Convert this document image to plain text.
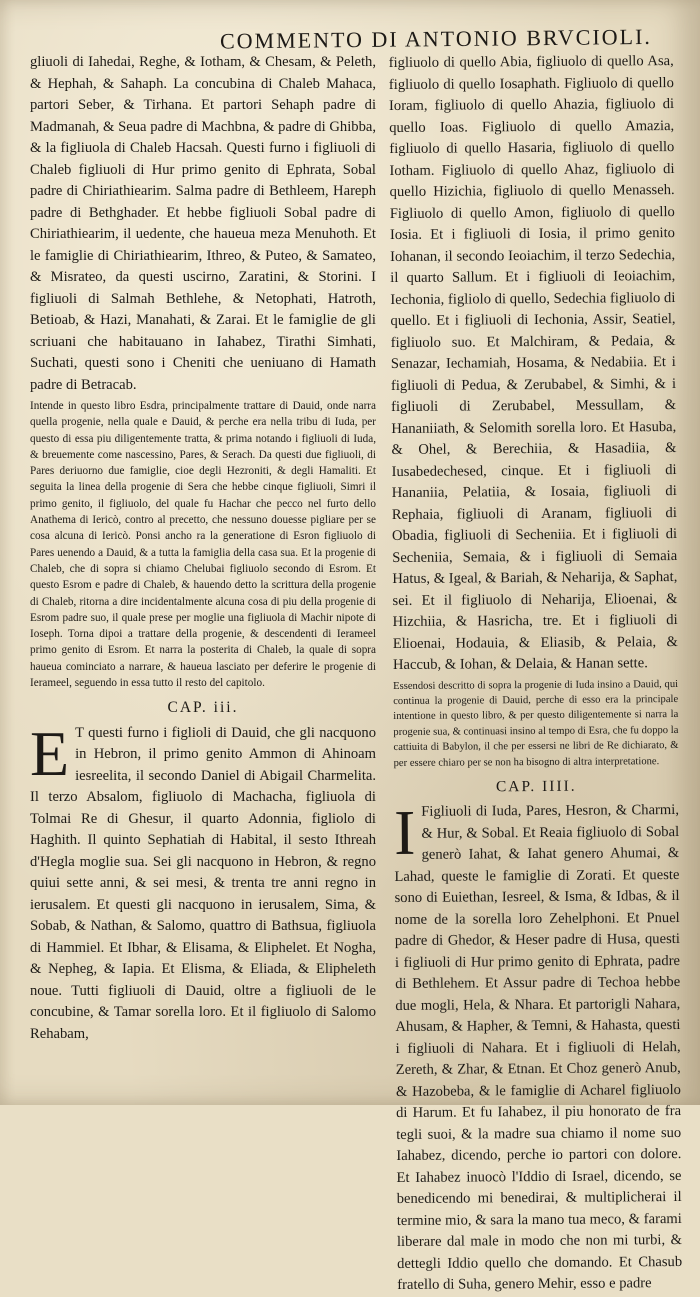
COMMENTO DI ANTONIO BRVCIOLI.

gliuoli di Iahedai, Reghe, & Iotham, & Chesam, & Peleth, & Hephah, & Sahaph. La concubina di Chaleb Mahaca, partori Seber, & Tirhana. Et partori Sehaph padre di Madmanah, & Seua padre di Machbna, & padre di Ghibba, & la figliuola di Chaleb Hacsah. Questi furno i figliuoli di Chaleb figliuoli di Hur primo genito di Ephrata, Sobal padre di Chiriathiearim. Salma padre di Bethleem, Hareph padre di Bethghader. Et hebbe figliuoli Sobal padre di Chiriathiearim, il uedente, che haueua meza Menuhoth. Et le famiglie di Chiriathiearim, Ithreo, & Puteo, & Samateo, & Misrateo, da questi uscirno, Zaratini, & Storini. I figliuoli di Salmah Bethlehe, & Netophati, Hatroth, Betioab, & Hazi, Manahati, & Zarai. Et le famiglie de gli scriuani che habitauano in Iahabez, Tirathi Simhati, Suchati, questi sono i Cheniti che ueniuano di Hamath padre di Betracab.

Intende in questo libro Esdra, principalmente trattare di Dauid, onde narra quella progenie, nella quale e Dauid, & perche era nella tribu di Iuda, per questo di essa piu diligentemente tratta, & prima notando i figliuoli di Iuda, & breuemente come nascessino, Pares, & Serach. Da questi due figliuoli, di Pares deriuorno due famiglie, cioe degli Hezroniti, & degli Hamaliti. Et seguita la linea della progenie di Sera che hebbe cinque figliuoli, Simri il primo genito, il figliuolo, del quale fu Hachar che pecco nel furto dello Anathema di Iericò, contro al precetto, che nessuno douesse pigliare per se cosa alcuna di Iericò. Ponsi ancho ra la generatione di Esron figliuolo di Pares uenendo a Dauid, & a tutta la famiglia della casa sua. Et la progenie di Chaleb, che di sopra si chiamo Chelubai figliuolo secondo di Esrom. Et questo Esrom e padre di Chaleb, & hauendo detto la scrittura della progenie di Chaleb, ritorna a dire incidentalmente alcuna cosa di piu della progenie di Esrom padre suo, il quale prese per moglie una figliuola di Machir nipote di Ioseph. Torna dipoi a trattare della progenie, & descendenti di Ierameel primo genito di Esrom. Et narra la posterita di Chaleb, la quale di sopra haueua cominciato a narrare, & haueua lasciato per deferire le progenie di Ierameel, seguendo in essa tutto il resto del capitolo.

CAP. iii.

E T questi furno i figlioli di Dauid, che gli nacquono in Hebron, il primo genito Ammon di Ahinoam iesreelita, il secondo Daniel di Abigail Charmelita. Il terzo Absalom, figliuolo di Machacha, figliuola di Tolmai Re di Ghesur, il quarto Adonnia, figliolo di Haghith. Il quinto Sephatiah di Habital, il sesto Ithreah d'Hegla moglie sua. Sei gli nacquono in Hebron, & regno quiui sette anni, & sei mesi, & trenta tre anni regno in ierusalem. Et questi gli nacquono in ierusalem, Sima, & Sobab, & Nathan, & Salomo, quattro di Bathsua, figliuola di Hammiel. Et Ibhar, & Elisama, & Eliphelet. Et Nogha, & Nepheg, & Iapia. Et Elisma, & Eliada, & Elipheleth noue. Tutti figliuoli di Dauid, oltre a figliuoli de le concubine, & Tamar sorella loro. Et il figliuolo di Salomo Rehabam,

figliuolo di quello Abia, figliuolo di quello Asa, figliuolo di quello Iosaphath. Figliuolo di quello Ioram, figliuolo di quello Ahazia, figliuolo di quello Ioas. Figliuolo di quello Amazia, figliuolo di quello Hasaria, figliuolo di quello Iotham. Figliuolo di quello Ahaz, figliuolo di quello Hizichia, figliuolo di quello Menasseh. Figliuolo di quello Amon, figliuolo di quello Iosia. Et i figliuoli di Iosia, il primo genito Iohanan, il secondo Ieoiachim, il terzo Sedechia, il quarto Sallum. Et i figliuoli di Ieoiachim, Iechonia, figliolo di quello, Sedechia figliuolo di quello. Et i figliuoli di Iechonia, Assir, Seatiel, figliuolo suo. Et Malchiram, & Pedaia, & Senazar, Iechamiah, Hosama, & Nedabiia. Et i figliuoli di Pedua, & Zerubabel, & Simhi, & i figliuoli di Zerubabel, Messullam, & Hananiiath, & Selomith sorella loro. Et Hasuba, & Ohel, & Berechiia, & Hasadiia, & Iusabedechesed, cinque. Et i figliuoli di Hananiia, Pelatiia, & Iosaia, figliuoli di Rephaia, figliuoli di Aranam, figliuoli di Obadia, figliuoli di Secheniia. Et i figliuoli di Secheniia, Semaia, & i figliuoli di Semaia Hatus, & Igeal, & Bariah, & Neharija, & Saphat, sei. Et il figliuolo di Neharija, Elioenai, & Hizchiia, & Hasricha, tre. Et i figliuoli di Elioenai, Hodauia, & Eliasib, & Pelaia, & Haccub, & Iohan, & Delaia, & Hanan sette.

Essendosi descritto di sopra la progenie di Iuda insino a Dauid, qui continua la progenie di Dauid, perche di esso era la principale intentione in questo libro, & per questo diligentemente si narra la progenie sua, & continuasi insino al tempo di Esra, che fu doppo la cattiuita di Babylon, il che per essersi ne libri de Re dichiarato, & per essere chiaro per se non ha bisogno di altra interpretatione.

CAP. IIII.

I Figliuoli di Iuda, Pares, Hesron, & Charmi, & Hur, & Sobal. Et Reaia figliuolo di Sobal generò Iahat, & Iahat genero Ahumai, & Lahad, queste le famiglie di Zorati. Et queste sono di Euiethan, Iesreel, & Isma, & Idbas, & il nome de la sorella loro Zehelphoni. Et Pnuel padre di Ghedor, & Heser padre di Husa, questi i figliuoli di Hur primo genito di Ephrata, padre di Bethlehem. Et Assur padre di Techoa hebbe due mogli, Hela, & Nhara. Et partorigli Nahara, Ahusam, & Hapher, & Temni, & Hahasta, questi i figliuoli di Nahara. Et i figliuoli di Helah, Zereth, & Zhar, & Etnan. Et Choz generò Anub, & Hazobeba, & le famiglie di Acharel figliuolo di Harum. Et fu Iahabez, il piu honorato de fra tegli suoi, & la madre sua chiamo il nome suo Iahabez, dicendo, perche io partori con dolore. Et Iahabez inuocò l'Iddio di Israel, dicendo, se benedicendo mi benedirai, & multiplicherai il termine mio, & sara la mano tua meco, & farami liberare dal male in modo che non mi turbi, & dettegli Iddio quello che domando. Et Chasub fratello di Suha, genero Mehir, esso e padre
